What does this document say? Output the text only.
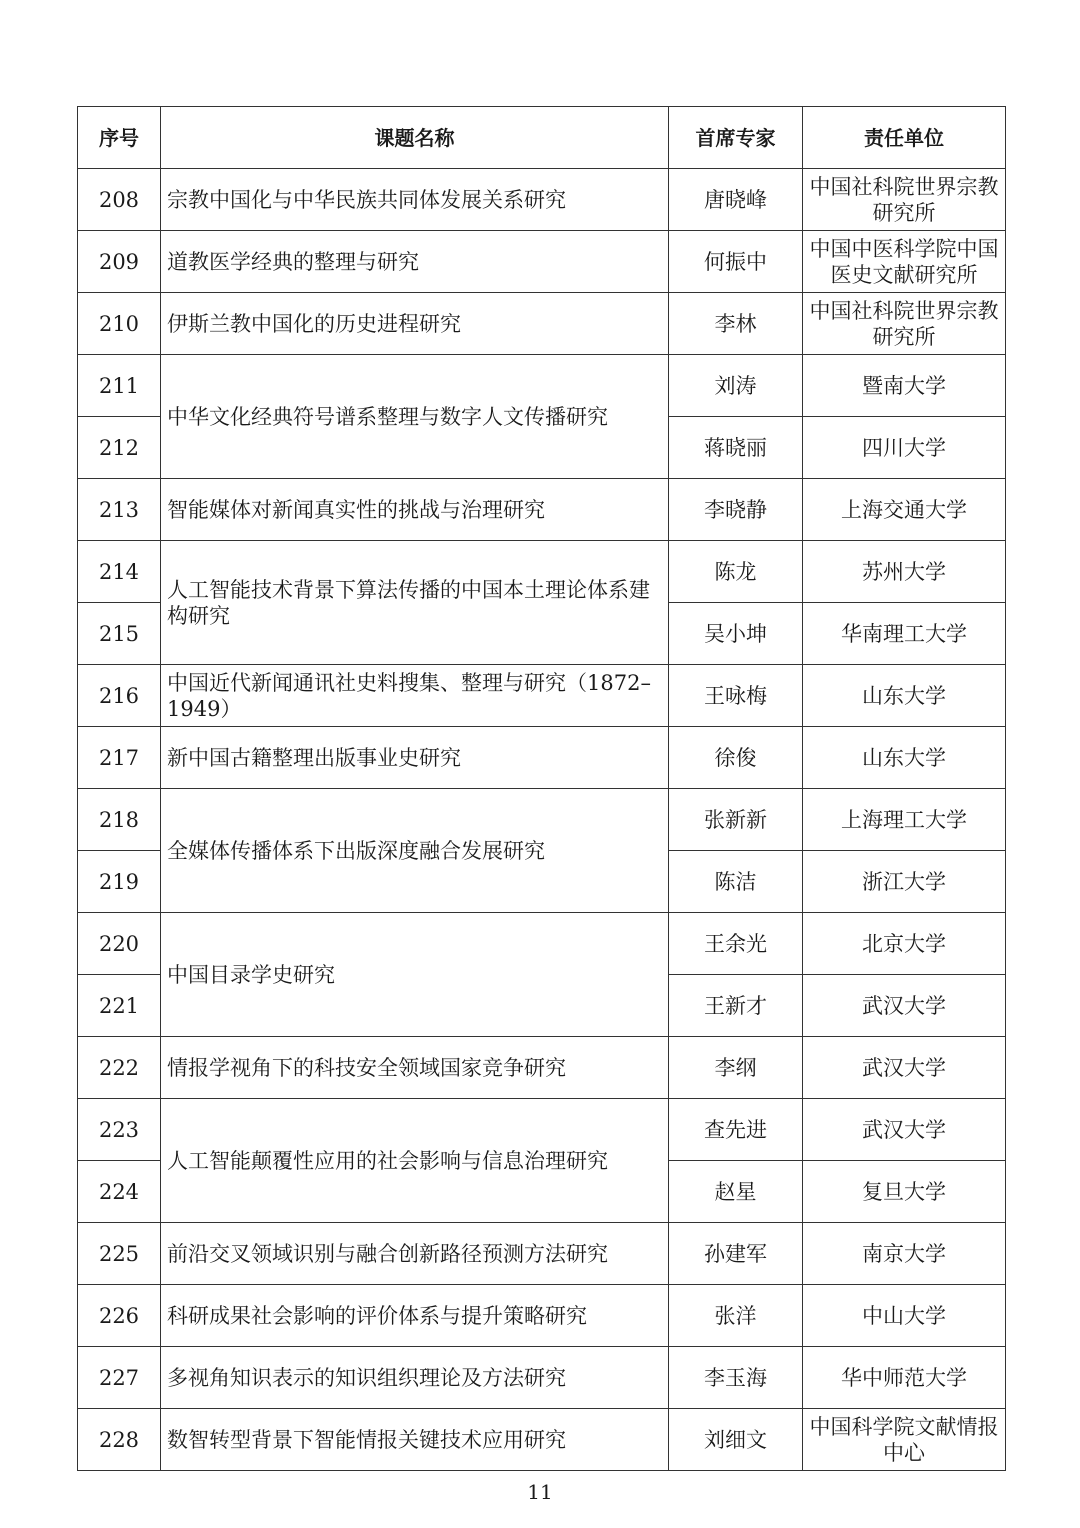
序号	课题名称	首席专家	责任单位
208	宗教中国化与中华民族共同体发展关系研究	唐晓峰	中国社科院世界宗教研究所
209	道教医学经典的整理与研究	何振中	中国中医科学院中国医史文献研究所
210	伊斯兰教中国化的历史进程研究	李林	中国社科院世界宗教研究所
211	中华文化经典符号谱系整理与数字人文传播研究	刘涛	暨南大学
212		蒋晓丽	四川大学
213	智能媒体对新闻真实性的挑战与治理研究	李晓静	上海交通大学
214	人工智能技术背景下算法传播的中国本土理论体系建构研究	陈龙	苏州大学
215		吴小坤	华南理工大学
216	中国近代新闻通讯社史料搜集、整理与研究（1872–1949）	王咏梅	山东大学
217	新中国古籍整理出版事业史研究	徐俊	山东大学
218	全媒体传播体系下出版深度融合发展研究	张新新	上海理工大学
219		陈洁	浙江大学
220	中国目录学史研究	王余光	北京大学
221		王新才	武汉大学
222	情报学视角下的科技安全领域国家竞争研究	李纲	武汉大学
223	人工智能颠覆性应用的社会影响与信息治理研究	查先进	武汉大学
224		赵星	复旦大学
225	前沿交叉领域识别与融合创新路径预测方法研究	孙建军	南京大学
226	科研成果社会影响的评价体系与提升策略研究	张洋	中山大学
227	多视角知识表示的知识组织理论及方法研究	李玉海	华中师范大学
228	数智转型背景下智能情报关键技术应用研究	刘细文	中国科学院文献情报中心
11
